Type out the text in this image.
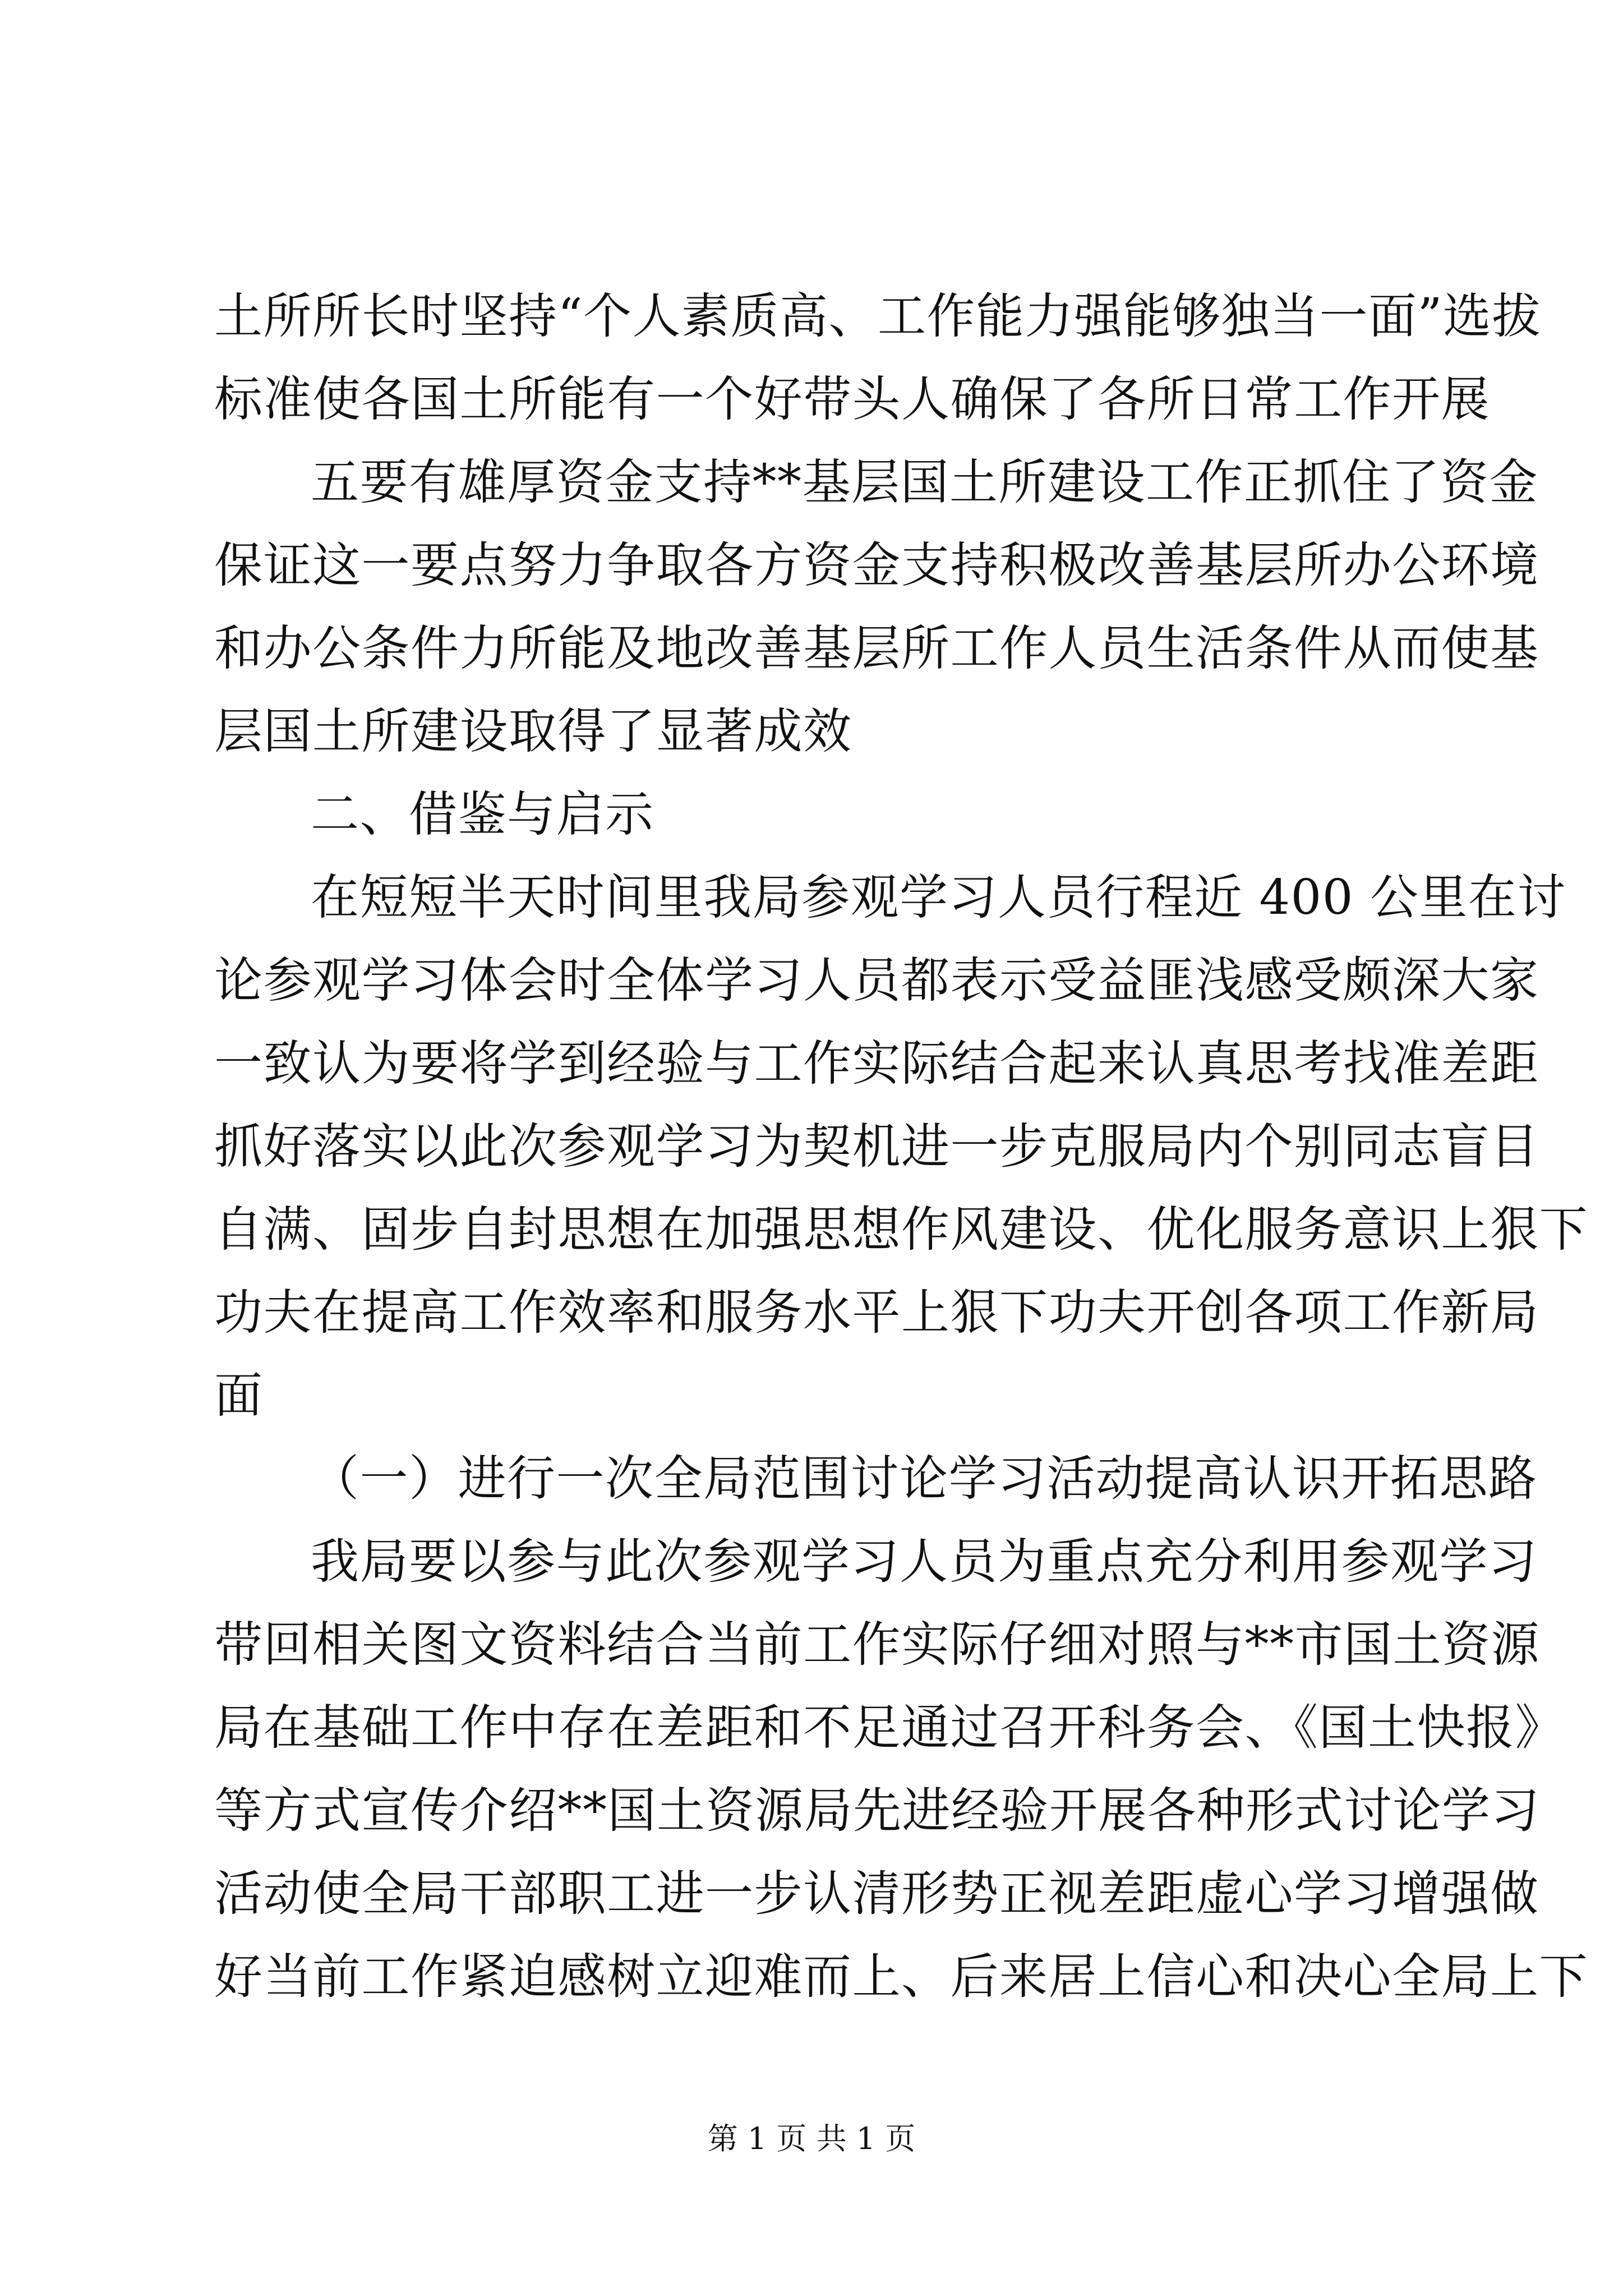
土所所长时坚持“个人素质高、工作能力强能够独当一面”选拔
标准使各国土所能有一个好带头人确保了各所日常工作开展
五要有雄厚资金支持**基层国土所建设工作正抓住了资金
保证这一要点努力争取各方资金支持积极改善基层所办公环境
和办公条件力所能及地改善基层所工作人员生活条件从而使基
层国土所建设取得了显著成效
二、借鉴与启示
在短短半天时间里我局参观学习人员行程近 400 公里在讨
论参观学习体会时全体学习人员都表示受益匪浅感受颇深大家
一致认为要将学到经验与工作实际结合起来认真思考找准差距
抓好落实以此次参观学习为契机进一步克服局内个别同志盲目
自满、固步自封思想在加强思想作风建设、优化服务意识上狠下
功夫在提高工作效率和服务水平上狠下功夫开创各项工作新局
面
（一）进行一次全局范围讨论学习活动提高认识开拓思路
我局要以参与此次参观学习人员为重点充分利用参观学习
带回相关图文资料结合当前工作实际仔细对照与**市国土资源
局在基础工作中存在差距和不足通过召开科务会、《国土快报》
等方式宣传介绍**国土资源局先进经验开展各种形式讨论学习
活动使全局干部职工进一步认清形势正视差距虚心学习增强做
好当前工作紧迫感树立迎难而上、后来居上信心和决心全局上下
第 1 页 共 1 页
